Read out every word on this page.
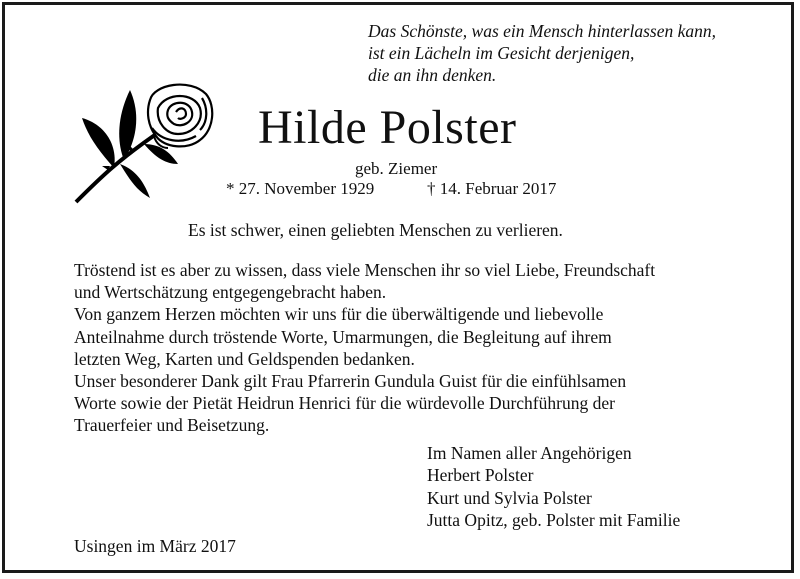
Das Schönste, was ein Mensch hinterlassen kann,
ist ein Lächeln im Gesicht derjenigen,
die an ihn denken.
Hilde Polster
geb. Ziemer
* 27. November 1929	† 14. Februar 2017
Es ist schwer, einen geliebten Menschen zu verlieren.
Tröstend ist es aber zu wissen, dass viele Menschen ihr so viel Liebe, Freundschaft
und Wertschätzung entgegengebracht haben.
Von ganzem Herzen möchten wir uns für die überwältigende und liebevolle
Anteilnahme durch tröstende Worte, Umarmungen, die Begleitung auf ihrem
letzten Weg, Karten und Geldspenden bedanken.
Unser besonderer Dank gilt Frau Pfarrerin Gundula Guist für die einfühlsamen
Worte sowie der Pietät Heidrun Henrici für die würdevolle Durchführung der
Trauerfeier und Beisetzung.
Im Namen aller Angehörigen
Herbert Polster
Kurt und Sylvia Polster
Jutta Opitz, geb. Polster mit Familie
Usingen im März 2017
